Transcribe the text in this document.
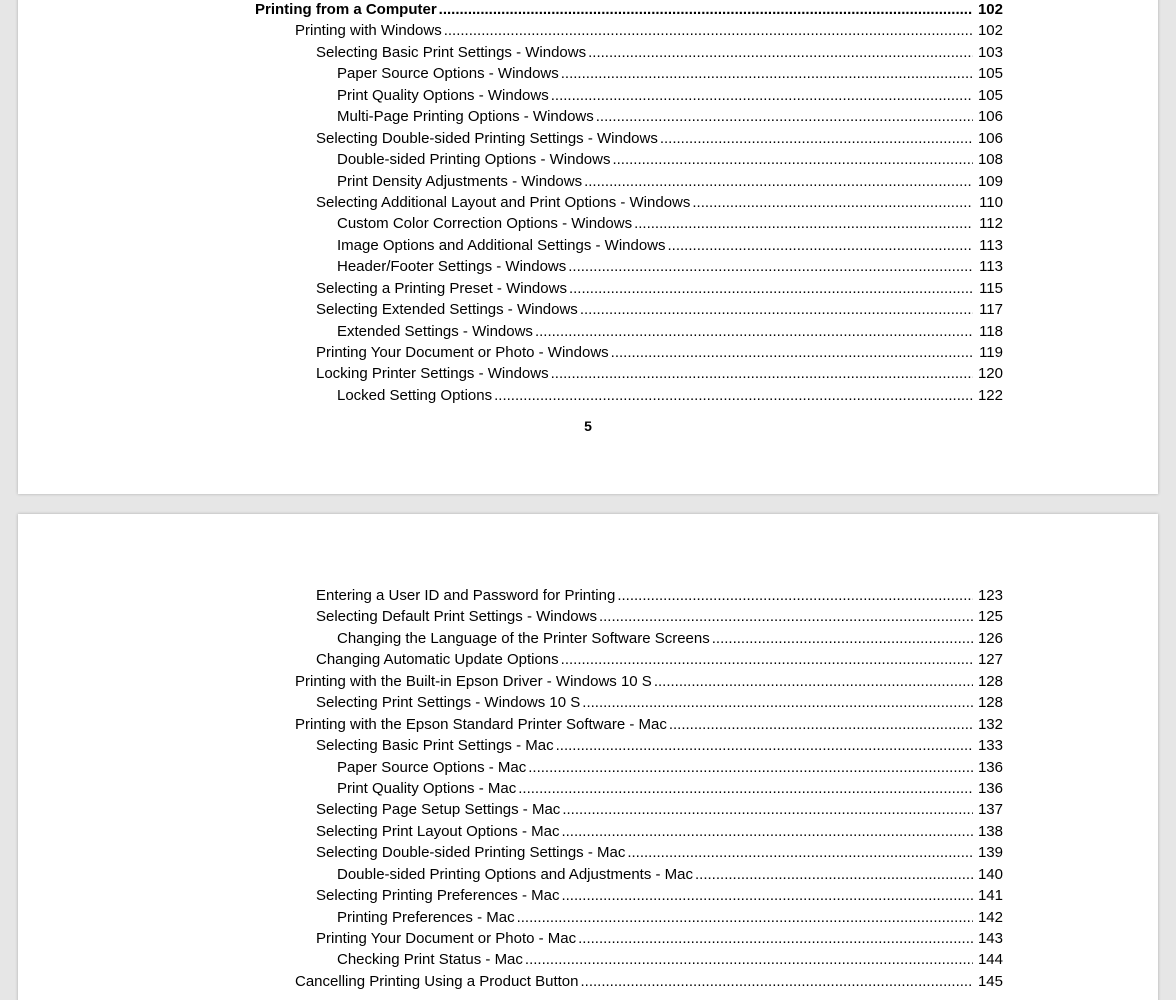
Printing from a Computer .....	102
Printing with Windows .....	102
Selecting Basic Print Settings - Windows .....	103
Paper Source Options - Windows .....	105
Print Quality Options - Windows .....	105
Multi-Page Printing Options - Windows .....	106
Selecting Double-sided Printing Settings - Windows .....	106
Double-sided Printing Options - Windows .....	108
Print Density Adjustments - Windows .....	109
Selecting Additional Layout and Print Options - Windows .....	110
Custom Color Correction Options - Windows .....	112
Image Options and Additional Settings - Windows .....	113
Header/Footer Settings - Windows .....	113
Selecting a Printing Preset - Windows .....	115
Selecting Extended Settings - Windows .....	117
Extended Settings - Windows .....	118
Printing Your Document or Photo - Windows .....	119
Locking Printer Settings - Windows .....	120
Locked Setting Options .....	122
5
Entering a User ID and Password for Printing .....	123
Selecting Default Print Settings - Windows .....	125
Changing the Language of the Printer Software Screens .....	126
Changing Automatic Update Options .....	127
Printing with the Built-in Epson Driver - Windows 10 S .....	128
Selecting Print Settings - Windows 10 S .....	128
Printing with the Epson Standard Printer Software - Mac .....	132
Selecting Basic Print Settings - Mac .....	133
Paper Source Options - Mac .....	136
Print Quality Options - Mac .....	136
Selecting Page Setup Settings - Mac .....	137
Selecting Print Layout Options - Mac .....	138
Selecting Double-sided Printing Settings - Mac .....	139
Double-sided Printing Options and Adjustments - Mac .....	140
Selecting Printing Preferences - Mac .....	141
Printing Preferences - Mac .....	142
Printing Your Document or Photo - Mac .....	143
Checking Print Status - Mac .....	144
Cancelling Printing Using a Product Button .....	145
